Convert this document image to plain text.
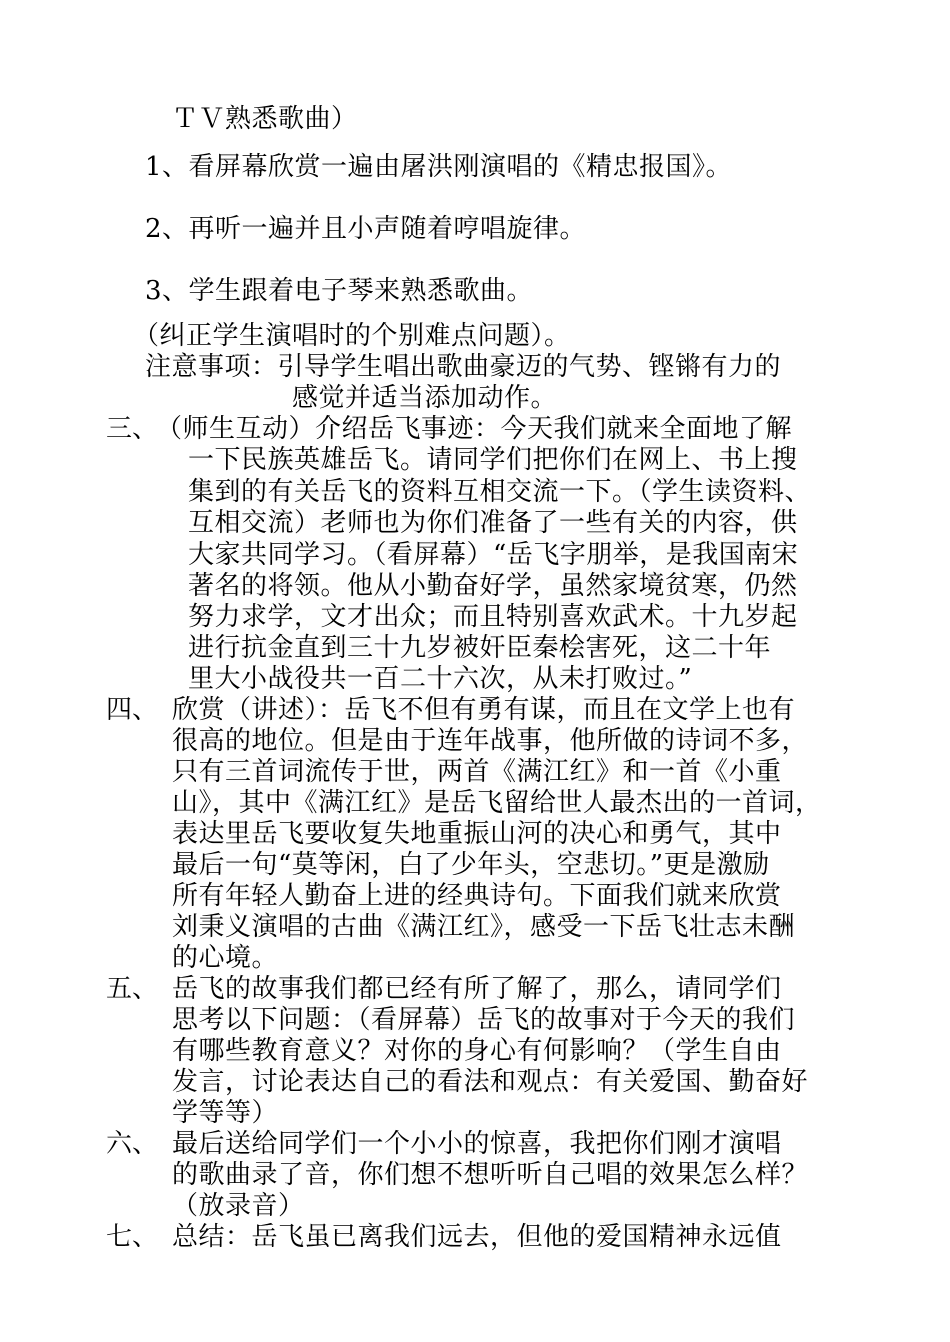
ＴＶ熟悉歌曲）
1、看屏幕欣赏一遍由屠洪刚演唱的《精忠报国》。
2、再听一遍并且小声随着哼唱旋律。
3、学生跟着电子琴来熟悉歌曲。
（纠正学生演唱时的个别难点问题）。
注意事项：引导学生唱出歌曲豪迈的气势、铿锵有力的
感觉并适当添加动作。
三、
（师生互动）介绍岳飞事迹：今天我们就来全面地了解
一下民族英雄岳飞。请同学们把你们在网上、书上搜
集到的有关岳飞的资料互相交流一下。（学生读资料、
互相交流）老师也为你们准备了一些有关的内容，供
大家共同学习。（看屏幕）“岳飞字朋举，是我国南宋
著名的将领。他从小勤奋好学，虽然家境贫寒，仍然
努力求学，文才出众；而且特别喜欢武术。十九岁起
进行抗金直到三十九岁被奸臣秦桧害死，这二十年
里大小战役共一百二十六次，从未打败过。”
四、 欣赏（讲述）：岳飞不但有勇有谋，而且在文学上也有
很高的地位。但是由于连年战事，他所做的诗词不多，
只有三首词流传于世，两首《满江红》和一首《小重
山》，其中《满江红》是岳飞留给世人最杰出的一首词，
表达里岳飞要收复失地重振山河的决心和勇气，其中
最后一句“莫等闲，白了少年头，空悲切。”更是激励
所有年轻人勤奋上进的经典诗句。下面我们就来欣赏
刘秉义演唱的古曲《满江红》，感受一下岳飞壮志未酬
的心境。
五、 岳飞的故事我们都已经有所了解了，那么，请同学们
思考以下问题：（看屏幕）岳飞的故事对于今天的我们
有哪些教育意义？对你的身心有何影响？（学生自由
发言，讨论表达自己的看法和观点：有关爱国、勤奋好
学等等）
六、 最后送给同学们一个小小的惊喜，我把你们刚才演唱
的歌曲录了音，你们想不想听听自己唱的效果怎么样？
（放录音）
七、 总结：岳飞虽已离我们远去，但他的爱国精神永远值
